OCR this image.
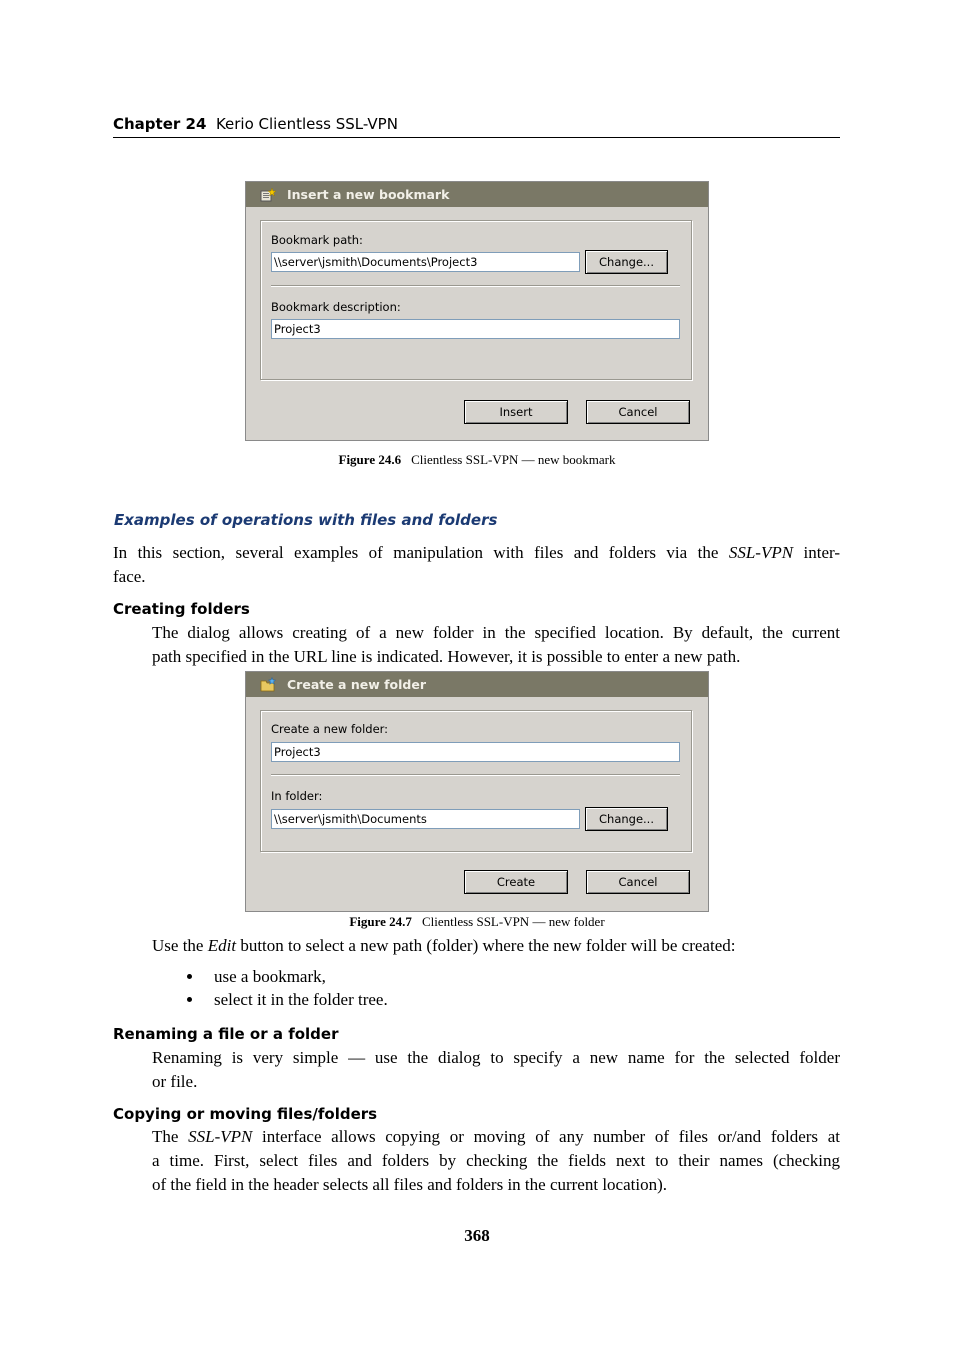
Chapter 24 Kerio Clientless SSL-VPN
Insert a new bookmark
Bookmark path:
\\server\jsmith\Documents\Project3	Change...
Bookmark description:
Project3
Insert	Cancel
Figure 24.6 Clientless SSL-VPN — new bookmark
Examples of operations with files and folders
In this section, several examples of manipulation with files and folders via the SSL-VPN inter-
face.
Creating folders
The dialog allows creating of a new folder in the specified location. By default, the current
path specified in the URL line is indicated. However, it is possible to enter a new path.
Create a new folder
Create a new folder:
Project3
In folder:
\\server\jsmith\Documents	Change...
Create	Cancel
Figure 24.7 Clientless SSL-VPN — new folder
Use the Edit button to select a new path (folder) where the new folder will be created:
use a bookmark,
select it in the folder tree.
Renaming a file or a folder
Renaming is very simple — use the dialog to specify a new name for the selected folder
or file.
Copying or moving files/folders
The SSL-VPN interface allows copying or moving of any number of files or/and folders at
a time. First, select files and folders by checking the fields next to their names (checking
of the field in the header selects all files and folders in the current location).
368
